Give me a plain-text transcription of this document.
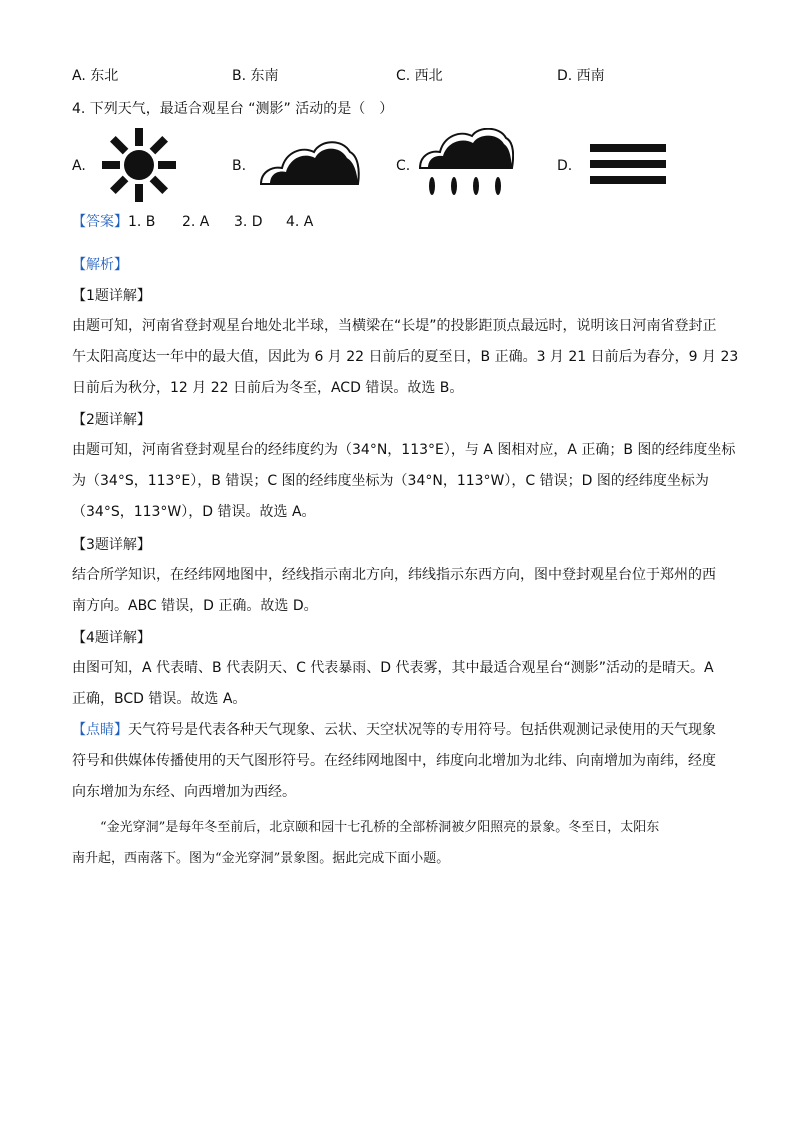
A. 东北	B. 东南	C. 西北	D. 西南
4. 下列天气，最适合观星台 “测影” 活动的是（　）
A.	B.	C.	D.
【答案】 1. B 2. A 3. D 4. A
【解析】
【1题详解】
由题可知，河南省登封观星台地处北半球，当横梁在“长堤”的投影距顶点最远时，说明该日河南省登封正
午太阳高度达一年中的最大值，因此为 6 月 22 日前后的夏至日，B 正确。3 月 21 日前后为春分，9 月 23
日前后为秋分，12 月 22 日前后为冬至，ACD 错误。故选 B。
【2题详解】
由题可知，河南省登封观星台的经纬度约为（34°N，113°E），与 A 图相对应，A 正确；B 图的经纬度坐标
为（34°S，113°E），B 错误；C 图的经纬度坐标为（34°N，113°W），C 错误；D 图的经纬度坐标为
（34°S，113°W），D 错误。故选 A。
【3题详解】
结合所学知识，在经纬网地图中，经线指示南北方向，纬线指示东西方向，图中登封观星台位于郑州的西
南方向。ABC 错误，D 正确。故选 D。
【4题详解】
由图可知，A 代表晴、B 代表阴天、C 代表暴雨、D 代表雾，其中最适合观星台“测影”活动的是晴天。A
正确，BCD 错误。故选 A。
【点睛】天气符号是代表各种天气现象、云状、天空状况等的专用符号。包括供观测记录使用的天气现象
符号和供媒体传播使用的天气图形符号。在经纬网地图中，纬度向北增加为北纬、向南增加为南纬，经度
向东增加为东经、向西增加为西经。
“金光穿洞”是每年冬至前后，北京颐和园十七孔桥的全部桥洞被夕阳照亮的景象。冬至日，太阳东
南升起，西南落下。图为“金光穿洞”景象图。据此完成下面小题。
